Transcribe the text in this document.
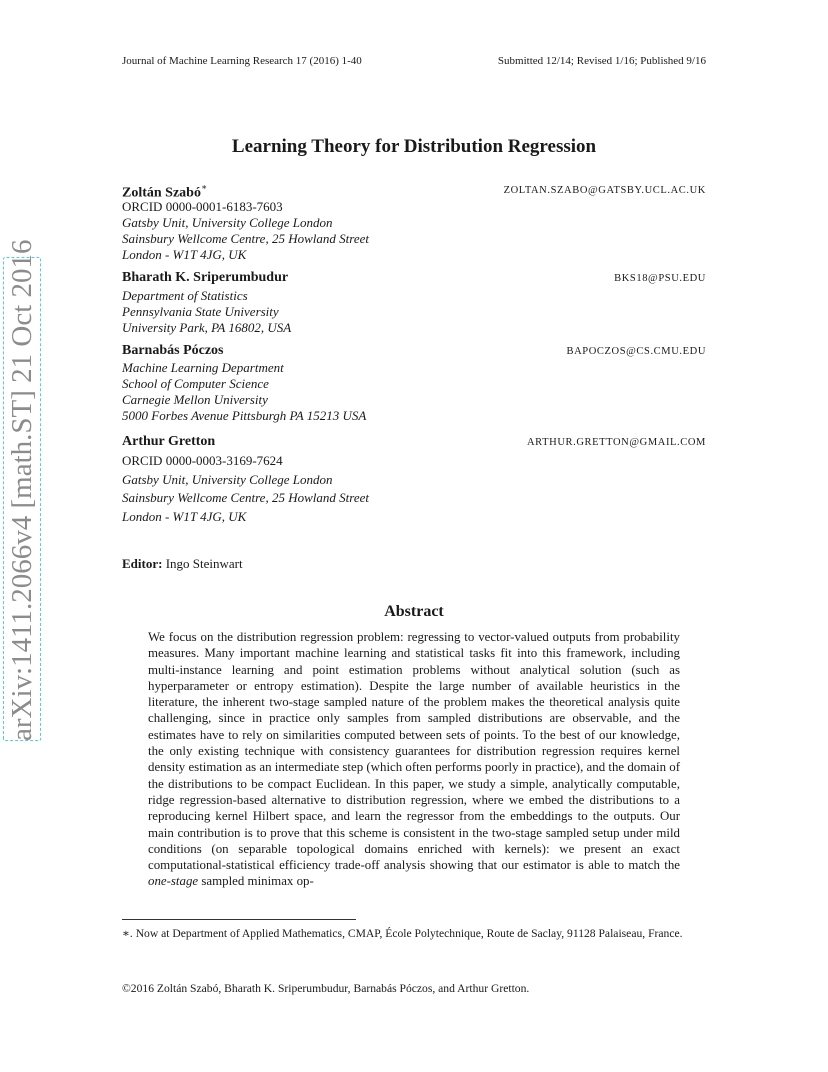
Journal of Machine Learning Research 17 (2016) 1-40	Submitted 12/14; Revised 1/16; Published 9/16
arXiv:1411.2066v4 [math.ST] 21 Oct 2016
Learning Theory for Distribution Regression
Zoltán Szabó∗	ZOLTAN.SZABO@GATSBY.UCL.AC.UK
ORCID 0000-0001-6183-7603
Gatsby Unit, University College London
Sainsbury Wellcome Centre, 25 Howland Street
London - W1T 4JG, UK
Bharath K. Sriperumbudur	BKS18@PSU.EDU
Department of Statistics
Pennsylvania State University
University Park, PA 16802, USA
Barnabás Póczos	BAPOCZOS@CS.CMU.EDU
Machine Learning Department
School of Computer Science
Carnegie Mellon University
5000 Forbes Avenue Pittsburgh PA 15213 USA
Arthur Gretton	ARTHUR.GRETTON@GMAIL.COM
ORCID 0000-0003-3169-7624
Gatsby Unit, University College London
Sainsbury Wellcome Centre, 25 Howland Street
London - W1T 4JG, UK
Editor: Ingo Steinwart
Abstract

We focus on the distribution regression problem: regressing to vector-valued outputs from probability measures. Many important machine learning and statistical tasks fit into this framework, including multi-instance learning and point estimation problems without analytical solution (such as hyperparameter or entropy estimation). Despite the large number of available heuristics in the literature, the inherent two-stage sampled nature of the problem makes the theoretical analysis quite challenging, since in practice only samples from sampled distributions are observable, and the estimates have to rely on similarities computed between sets of points. To the best of our knowledge, the only existing technique with consistency guarantees for distribution regression requires kernel density estimation as an intermediate step (which often performs poorly in practice), and the domain of the distributions to be compact Euclidean. In this paper, we study a simple, analytically computable, ridge regression-based alternative to distribution regression, where we embed the distributions to a reproducing kernel Hilbert space, and learn the regressor from the embeddings to the outputs. Our main contribution is to prove that this scheme is consistent in the two-stage sampled setup under mild conditions (on separable topological domains enriched with kernels): we present an exact computational-statistical efficiency trade-off analysis showing that our estimator is able to match the one-stage sampled minimax op-

∗. Now at Department of Applied Mathematics, CMAP, École Polytechnique, Route de Saclay, 91128 Palaiseau, France.
©2016 Zoltán Szabó, Bharath K. Sriperumbudur, Barnabás Póczos, and Arthur Gretton.
